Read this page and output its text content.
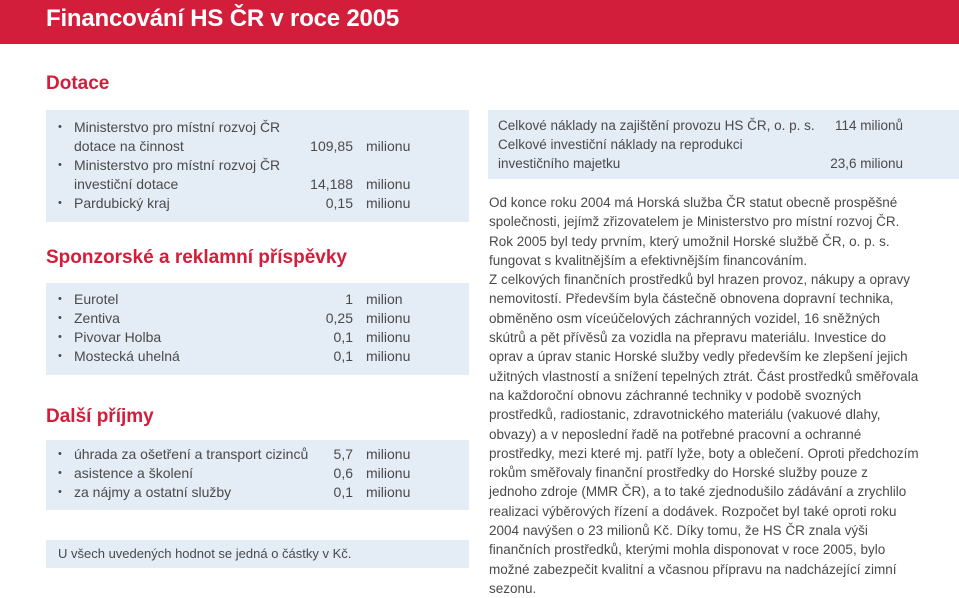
Financování HS ČR v roce 2005
Dotace
• Ministerstvo pro místní rozvoj ČR
dotace na činnost	109,85 milionu
• Ministerstvo pro místní rozvoj ČR
investiční dotace	14,188 milionu
• Pardubický kraj	0,15 milionu
Sponzorské a reklamní příspěvky
• Eurotel	1 milion
• Zentiva	0,25 milionu
• Pivovar Holba	0,1 milionu
• Mostecká uhelná	0,1 milionu
Další příjmy
• úhrada za ošetření a transport cizinců 5,7 milionu
• asistence a školení	0,6 milionu
• za nájmy a ostatní služby	0,1 milionu
U všech uvedených hodnot se jedná o částky v Kč.
Celkové náklady na zajištění provozu HS ČR, o. p. s. 114 milionů
Celkové investiční náklady na reprodukci
investičního majetku	23,6 milionu

Od konce roku 2004 má Horská služba ČR statut obecně prospěšné společnosti, jejímž zřizovatelem je Ministerstvo pro místní rozvoj ČR. Rok 2005 byl tedy prvním, který umožnil Horské službě ČR, o. p. s. fungovat s kvalitnějším a efektivnějším financováním.

Z celkových finančních prostředků byl hrazen provoz, nákupy a opravy nemovitostí. Především byla částečně obnovena dopravní technika, obměněno osm víceúčelových záchranných vozidel, 16 sněžných skútrů a pět přívěsů za vozidla na přepravu materiálu. Investice do oprav a úprav stanic Horské služby vedly především ke zlepšení jejich užitných vlastností a snížení tepelných ztrát. Část prostředků směřovala na každoroční obnovu záchranné techniky v podobě svozných prostředků, radiostanic, zdravotnického materiálu (vakuové dlahy, obvazy) a v neposlední řadě na potřebné pracovní a ochranné prostředky, mezi které mj. patří lyže, boty a oblečení. Oproti předchozím rokům směřovaly finanční prostředky do Horské služby pouze z jednoho zdroje (MMR ČR), a to také zjednodušilo zádávání a zrychlilo realizaci výběrových řízení a dodávek. Rozpočet byl také oproti roku 2004 navýšen o 23 milionů Kč. Díky tomu, že HS ČR znala výši finančních prostředků, kterými mohla disponovat v roce 2005, bylo možné zabezpečit kvalitní a včasnou přípravu na nadcházející zimní sezonu.
